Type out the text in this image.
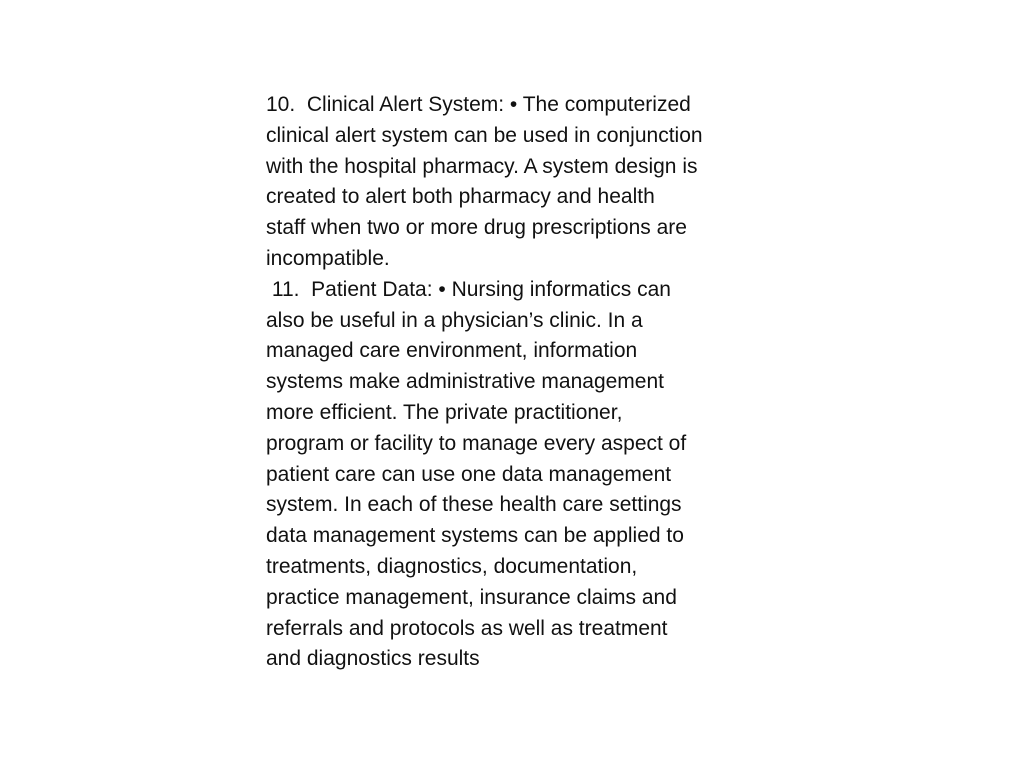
10.  Clinical Alert System: • The computerized
clinical alert system can be used in conjunction
with the hospital pharmacy. A system design is
created to alert both pharmacy and health
staff when two or more drug prescriptions are
incompatible.
11.  Patient Data: • Nursing informatics can
also be useful in a physician’s clinic. In a
managed care environment, information
systems make administrative management
more efficient. The private practitioner,
program or facility to manage every aspect of
patient care can use one data management
system. In each of these health care settings
data management systems can be applied to
treatments, diagnostics, documentation,
practice management, insurance claims and
referrals and protocols as well as treatment
and diagnostics results
